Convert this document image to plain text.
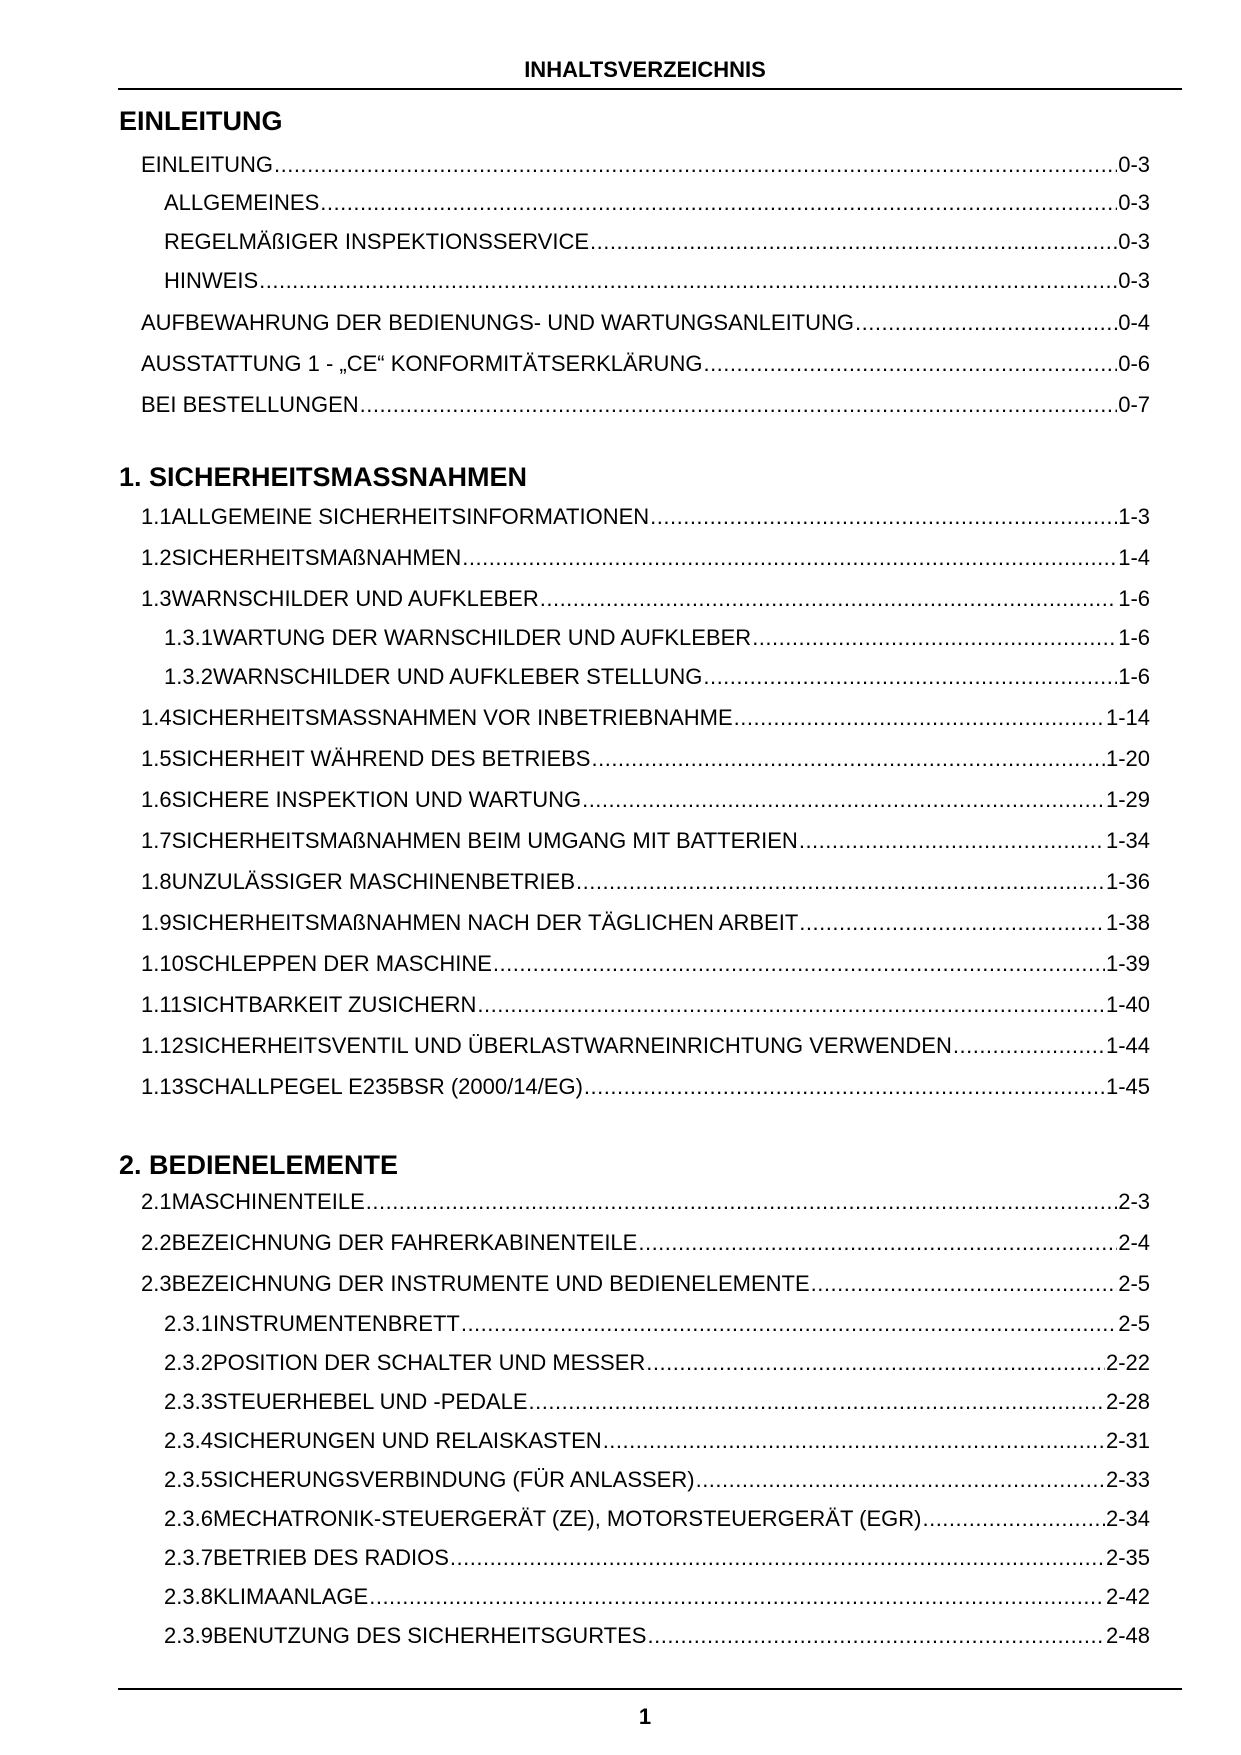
INHALTSVERZEICHNIS
EINLEITUNG
1. SICHERHEITSMASSNAHMEN
2. BEDIENELEMENTE
EINLEITUNG .....	0-3
ALLGEMEINES .....	0-3
REGELMÄßIGER INSPEKTIONSSERVICE .....	0-3
HINWEIS .....	0-3
AUFBEWAHRUNG DER BEDIENUNGS- UND WARTUNGSANLEITUNG .....	0-4
AUSSTATTUNG 1 - „CE“ KONFORMITÄTSERKLÄRUNG .....	0-6
BEI BESTELLUNGEN .....	0-7
1.1 ALLGEMEINE SICHERHEITSINFORMATIONEN .....	1-3
1.2 SICHERHEITSMAßNAHMEN .....	1-4
1.3 WARNSCHILDER UND AUFKLEBER .....	1-6
1.3.1 WARTUNG DER WARNSCHILDER UND AUFKLEBER .....	1-6
1.3.2 WARNSCHILDER UND AUFKLEBER STELLUNG .....	1-6
1.4 SICHERHEITSMASSNAHMEN VOR INBETRIEBNAHME .....	1-14
1.5 SICHERHEIT WÄHREND DES BETRIEBS .....	1-20
1.6 SICHERE INSPEKTION UND WARTUNG .....	1-29
1.7 SICHERHEITSMAßNAHMEN BEIM UMGANG MIT BATTERIEN .....	1-34
1.8 UNZULÄSSIGER MASCHINENBETRIEB .....	1-36
1.9 SICHERHEITSMAßNAHMEN NACH DER TÄGLICHEN ARBEIT .....	1-38
1.10 SCHLEPPEN DER MASCHINE .....	1-39
1.11 SICHTBARKEIT ZUSICHERN .....	1-40
1.12 SICHERHEITSVENTIL UND ÜBERLASTWARNEINRICHTUNG VERWENDEN .....	1-44
1.13 SCHALLPEGEL E235BSR (2000/14/EG) .....	1-45
2.1 MASCHINENTEILE .....	2-3
2.2 BEZEICHNUNG DER FAHRERKABINENTEILE .....	2-4
2.3 BEZEICHNUNG DER INSTRUMENTE UND BEDIENELEMENTE .....	2-5
2.3.1 INSTRUMENTENBRETT .....	2-5
2.3.2 POSITION DER SCHALTER UND MESSER .....	2-22
2.3.3 STEUERHEBEL UND -PEDALE .....	2-28
2.3.4 SICHERUNGEN UND RELAISKASTEN .....	2-31
2.3.5 SICHERUNGSVERBINDUNG (FÜR ANLASSER) .....	2-33
2.3.6 MECHATRONIK-STEUERGERÄT (ZE), MOTORSTEUERGERÄT (EGR) .....	2-34
2.3.7 BETRIEB DES RADIOS .....	2-35
2.3.8 KLIMAANLAGE .....	2-42
2.3.9 BENUTZUNG DES SICHERHEITSGURTES .....	2-48
1
